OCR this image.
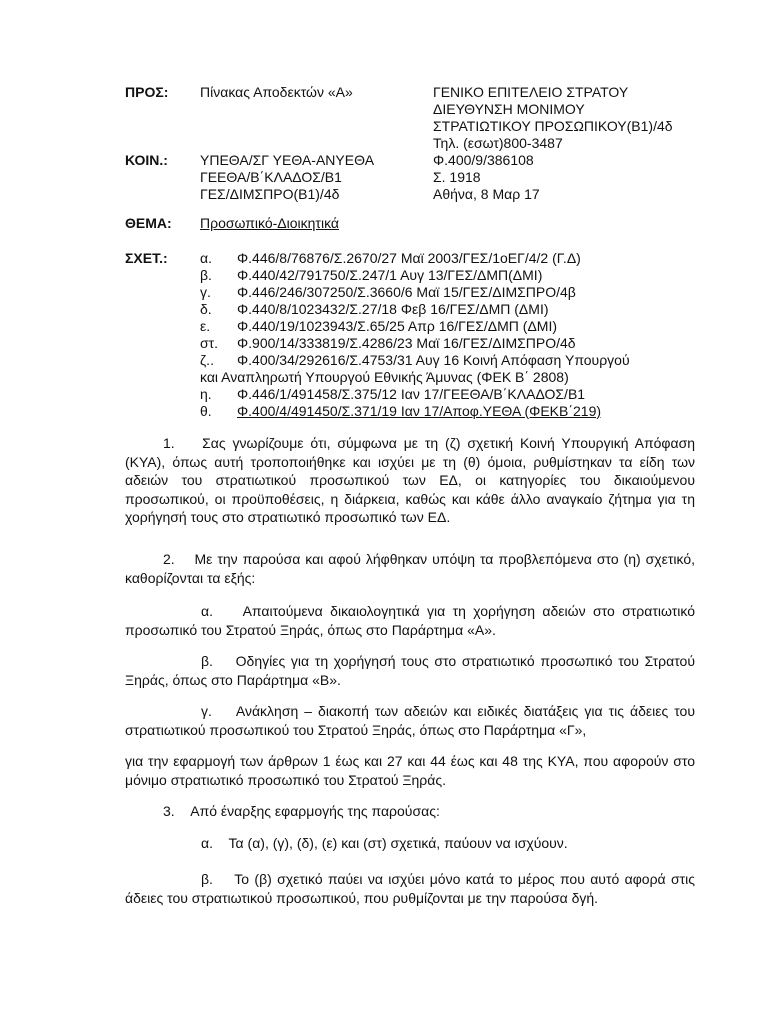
ΠΡΟΣ: Πίνακας Αποδεκτών «Α»	ΓΕΝΙΚΟ ΕΠΙΤΕΛΕΙΟ ΣΤΡΑΤΟΥ
ΔΙΕΥΘΥΝΣΗ ΜΟΝΙΜΟΥ
ΣΤΡΑΤΙΩΤΙΚΟΥ ΠΡΟΣΩΠΙΚΟΥ(Β1)/4δ
Τηλ. (εσωτ)800-3487
ΚΟΙΝ.: ΥΠΕΘΑ/ΣΓ ΥΕΘΑ-ΑΝΥΕΘΑ
ΓΕΕΘΑ/Β΄ΚΛΑΔΟΣ/Β1
ΓΕΣ/ΔΙΜΣΠΡΟ(Β1)/4δ
Φ.400/9/386108
Σ. 1918
Αθήνα, 8 Μαρ 17
ΘΕΜΑ: Προσωπικό-Διοικητικά
ΣΧΕΤ.: α. Φ.446/8/76876/Σ.2670/27 Μαϊ 2003/ΓΕΣ/1οΕΓ/4/2 (Γ.Δ)
β. Φ.440/42/791750/Σ.247/1 Αυγ 13/ΓΕΣ/ΔΜΠ(ΔΜΙ)
γ. Φ.446/246/307250/Σ.3660/6 Μαϊ 15/ΓΕΣ/ΔΙΜΣΠΡΟ/4β
δ. Φ.440/8/1023432/Σ.27/18 Φεβ 16/ΓΕΣ/ΔΜΠ (ΔΜΙ)
ε. Φ.440/19/1023943/Σ.65/25 Απρ 16/ΓΕΣ/ΔΜΠ (ΔΜΙ)
στ. Φ.900/14/333819/Σ.4286/23 Μαϊ 16/ΓΕΣ/ΔΙΜΣΠΡΟ/4δ
ζ.. Φ.400/34/292616/Σ.4753/31 Αυγ 16 Κοινή Απόφαση Υπουργού
και Αναπληρωτή Υπουργού Εθνικής Άμυνας (ΦΕΚ Β΄ 2808)
η. Φ.446/1/491458/Σ.375/12 Ιαν 17/ΓΕΕΘΑ/Β΄ΚΛΑΔΟΣ/Β1
θ. Φ.400/4/491450/Σ.371/19 Ιαν 17/Αποφ.ΥΕΘΑ (ΦΕΚΒ΄219)
1.    Σας γνωρίζουμε ότι, σύμφωνα με τη (ζ) σχετική Κοινή Υπουργική Απόφαση (ΚΥΑ), όπως αυτή τροποποιήθηκε και ισχύει με τη (θ) όμοια, ρυθμίστηκαν τα είδη των αδειών του στρατιωτικού προσωπικού των ΕΔ, οι κατηγορίες του δικαιούμενου προσωπικού, οι προϋποθέσεις, η διάρκεια, καθώς και κάθε άλλο αναγκαίο ζήτημα για τη χορήγησή τους στο στρατιωτικό προσωπικό των ΕΔ.
2.    Με την παρούσα και αφού λήφθηκαν υπόψη τα προβλεπόμενα στο (η) σχετικό, καθορίζονται τα εξής:
α.    Απαιτούμενα δικαιολογητικά για τη χορήγηση αδειών στο στρατιωτικό προσωπικό του Στρατού Ξηράς, όπως στο Παράρτημα «Α».
β.    Οδηγίες για τη χορήγησή τους στο στρατιωτικό προσωπικό του Στρατού Ξηράς, όπως στο Παράρτημα «Β».
γ.    Ανάκληση – διακοπή των αδειών και ειδικές διατάξεις για τις άδειες του στρατιωτικού προσωπικού του Στρατού Ξηράς, όπως στο Παράρτημα «Γ»,
για την εφαρμογή των άρθρων 1 έως και 27 και 44 έως και 48 της ΚΥΑ, που αφορούν στο μόνιμο στρατιωτικό προσωπικό του Στρατού Ξηράς.
3.    Από έναρξης εφαρμογής της παρούσας:
α.    Τα (α), (γ), (δ), (ε) και (στ) σχετικά, παύουν να ισχύουν.
β.    Το (β) σχετικό παύει να ισχύει μόνο κατά το μέρος που αυτό αφορά στις άδειες του στρατιωτικού προσωπικού, που ρυθμίζονται με την παρούσα δγή.
